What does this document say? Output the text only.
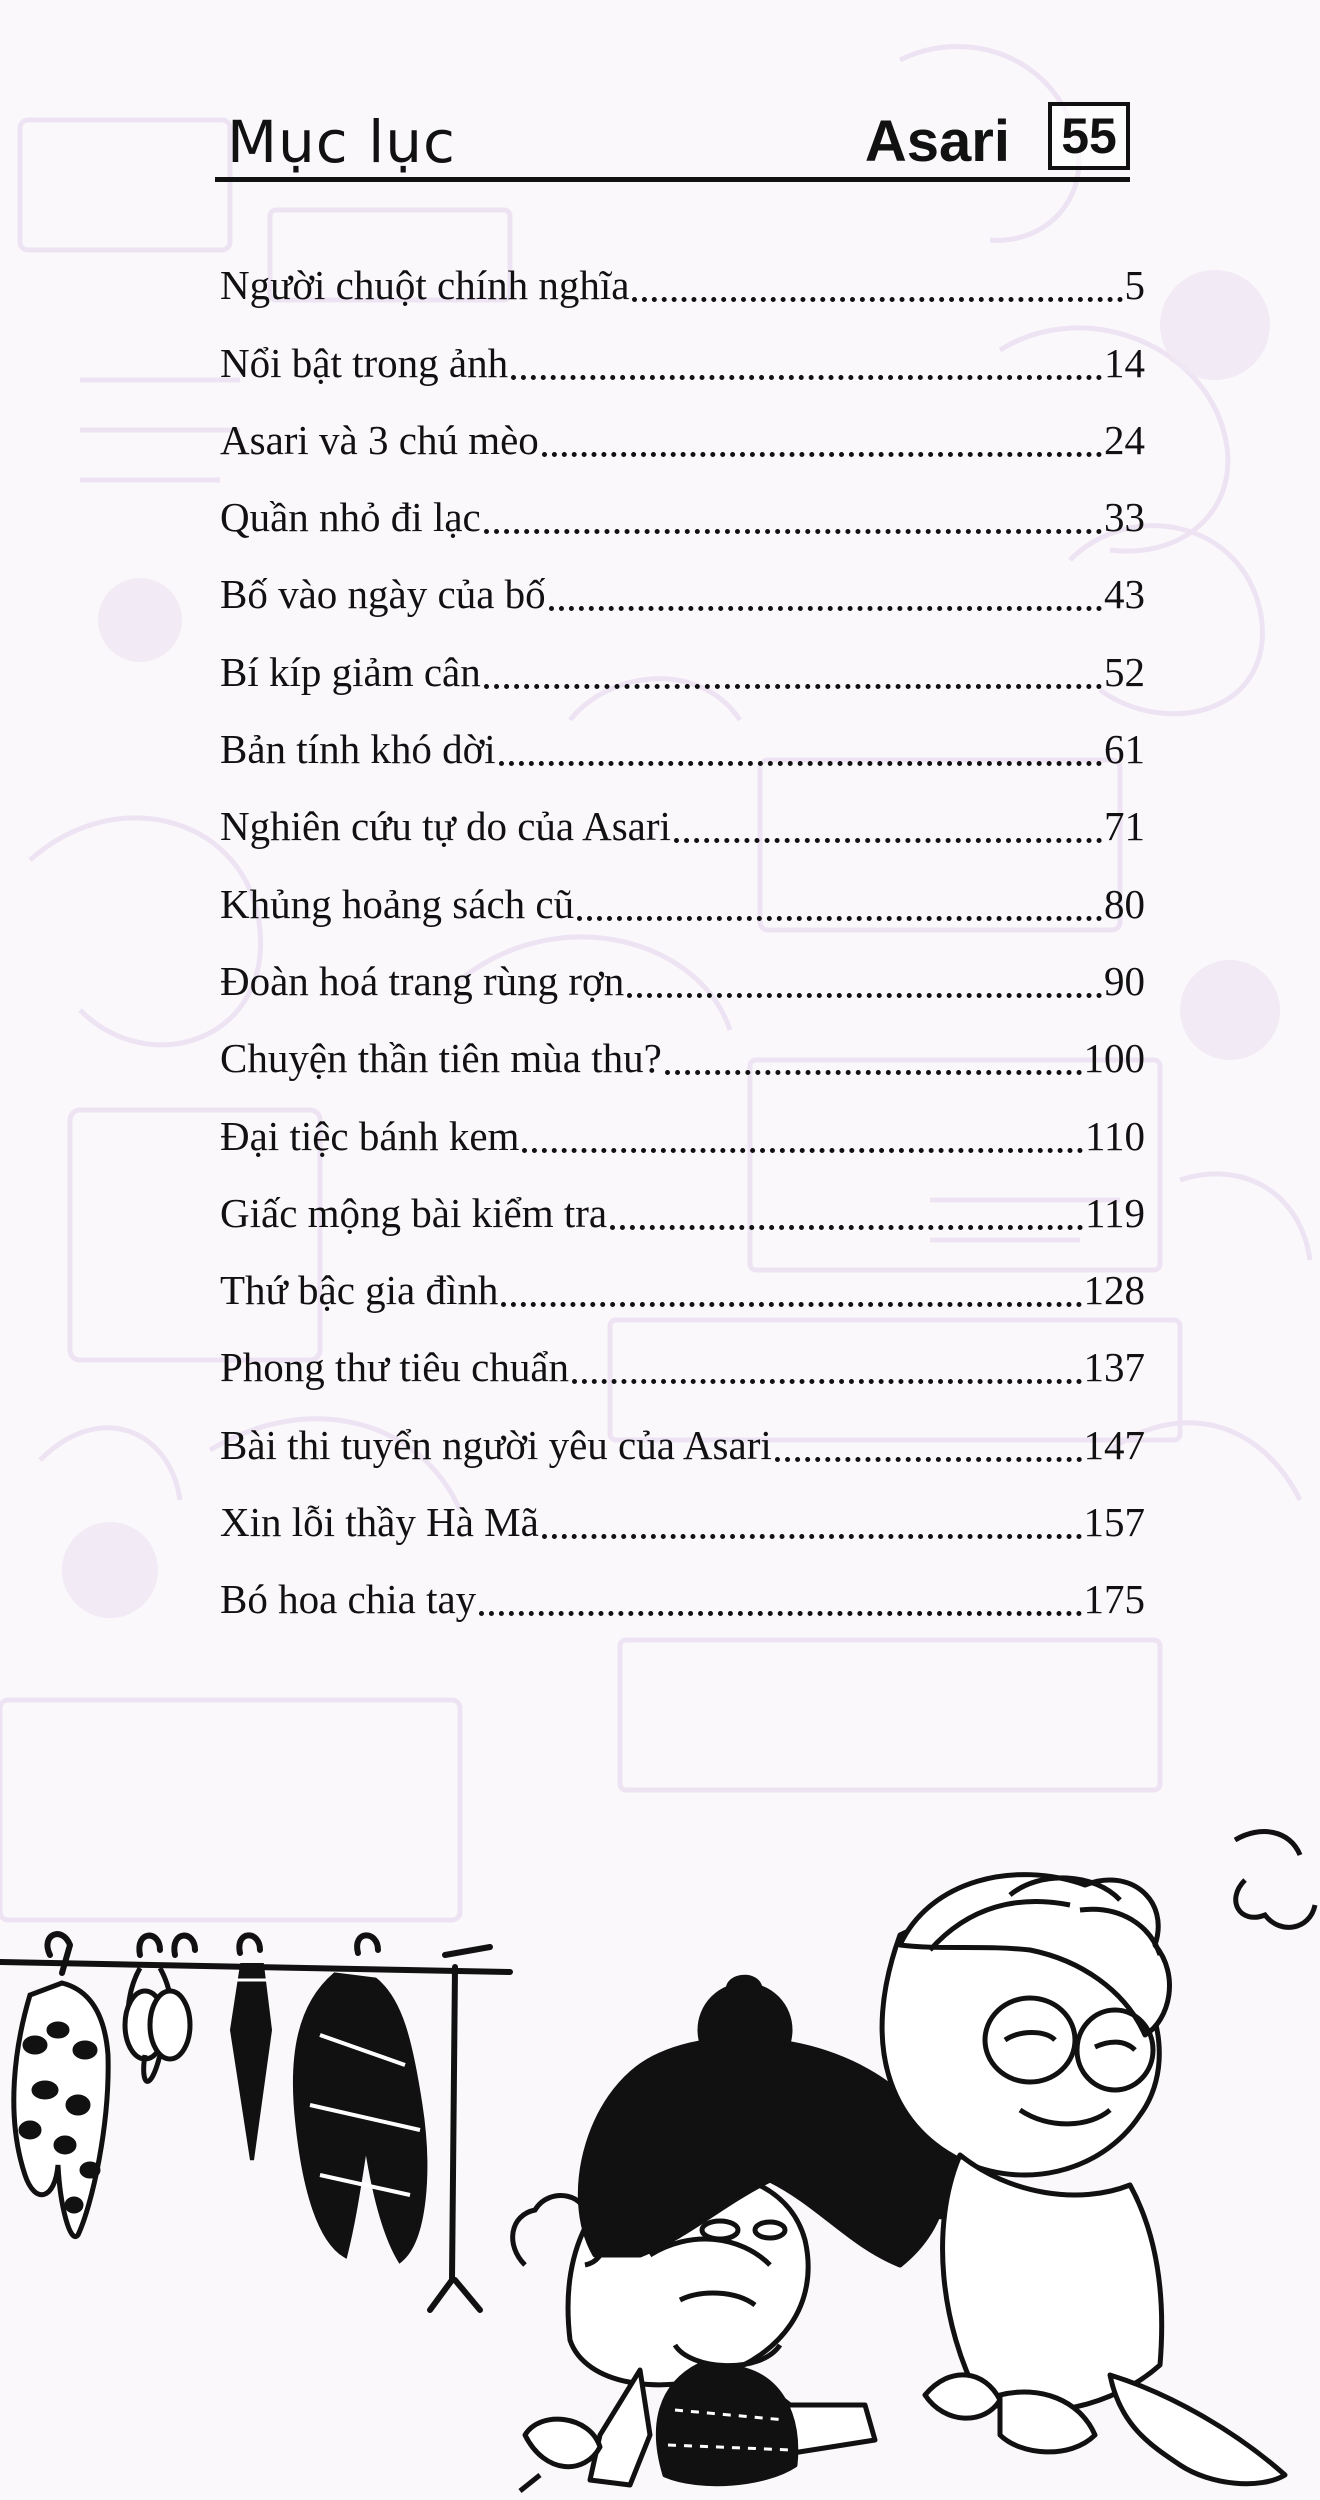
Mục lục	Asari 55
Người chuột chính nghĩa	5
Nổi bật trong ảnh	14
Asari và 3 chú mèo	24
Quần nhỏ đi lạc	33
Bố vào ngày của bố	43
Bí kíp giảm cân	52
Bản tính khó dời	61
Nghiên cứu tự do của Asari	71
Khủng hoảng sách cũ	80
Đoàn hoá trang rùng rợn	90
Chuyện thần tiên mùa thu?	100
Đại tiệc bánh kem	110
Giấc mộng bài kiểm tra	119
Thứ bậc gia đình	128
Phong thư tiêu chuẩn	137
Bài thi tuyển người yêu của Asari	147
Xin lỗi thầy Hà Mã	157
Bó hoa chia tay	175
